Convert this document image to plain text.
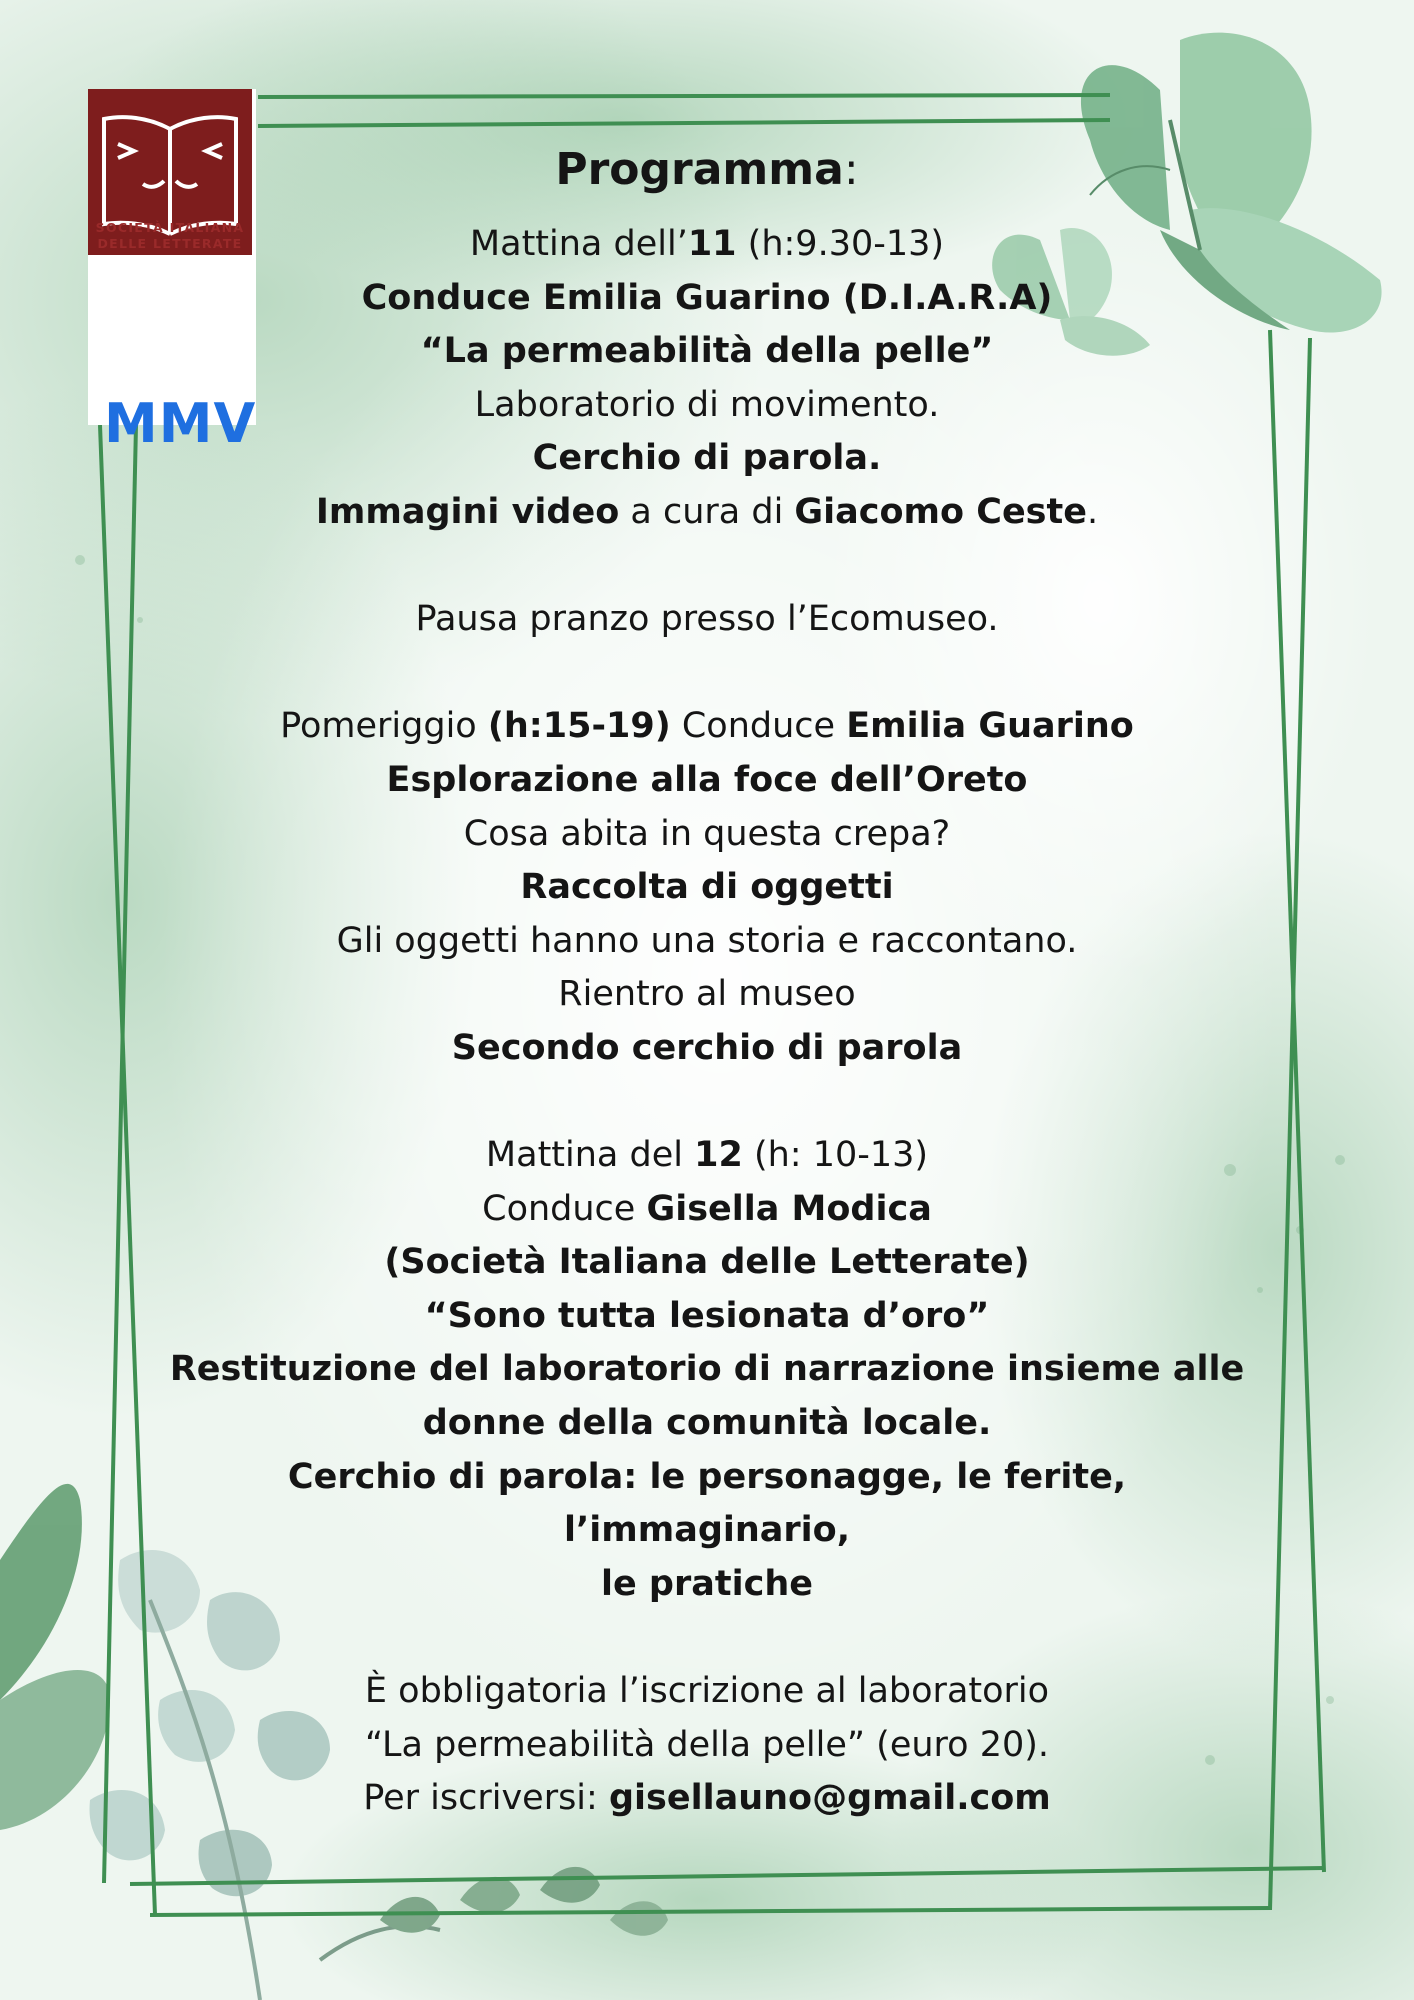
MMV
SOCIETÀ ITALIANA
DELLE LETTERATE
Programma:
Mattina dell’11 (h:9.30-13)
Conduce Emilia Guarino (D.I.A.R.A)
“La permeabilità della pelle”
Laboratorio di movimento.
Cerchio di parola.
Immagini video a cura di Giacomo Ceste.
Pausa pranzo presso l’Ecomuseo.
Pomeriggio (h:15-19) Conduce Emilia Guarino
Esplorazione alla foce dell’Oreto
Cosa abita in questa crepa?
Raccolta di oggetti
Gli oggetti hanno una storia e raccontano.
Rientro al museo
Secondo cerchio di parola
Mattina del 12 (h: 10-13)
Conduce Gisella Modica
(Società Italiana delle Letterate)
“Sono tutta lesionata d’oro”
Restituzione del laboratorio di narrazione insieme alle
donne della comunità locale.
Cerchio di parola: le personagge, le ferite, l’immaginario,
le pratiche
È obbligatoria l’iscrizione al laboratorio
“La permeabilità della pelle” (euro 20).
Per iscriversi: gisellauno@gmail.com
